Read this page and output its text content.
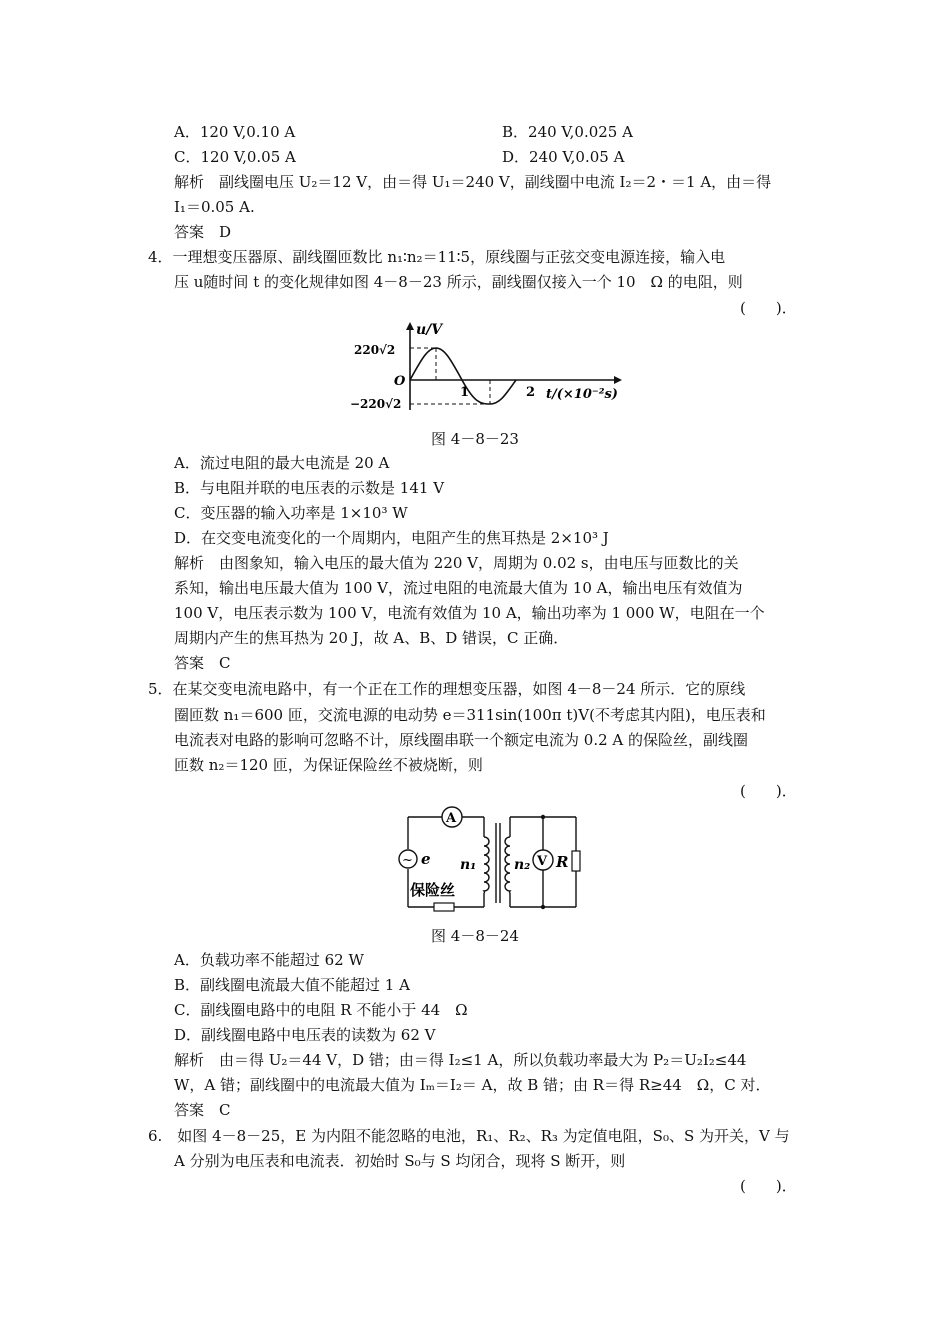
A．120 V,0.10 A	B．240 V,0.025 A
C．120 V,0.05 A	D．240 V,0.05 A
解析　副线圈电压 U₂＝12 V，由＝得 U₁＝240 V，副线圈中电流 I₂＝2・＝1 A，由＝得
I₁＝0.05 A.
答案　D
4．一理想变压器原、副线圈匝数比 n₁∶n₂＝11∶5，原线圈与正弦交变电源连接，输入电
压 u随时间 t 的变化规律如图 4－8－23 所示，副线圈仅接入一个 10　Ω 的电阻，则
(　　)．
u/V
220√2
O
−220√2
1	2 t/(×10⁻²s)
图 4－8－23
A．流过电阻的最大电流是 20 A
B．与电阻并联的电压表的示数是 141 V
C．变压器的输入功率是 1×10³ W
D．在交变电流变化的一个周期内，电阻产生的焦耳热是 2×10³ J
解析　由图象知，输入电压的最大值为 220 V，周期为 0.02 s，由电压与匝数比的关
系知，输出电压最大值为 100 V，流过电阻的电流最大值为 10 A，输出电压有效值为
100 V，电压表示数为 100 V，电流有效值为 10 A，输出功率为 1 000 W，电阻在一个
周期内产生的焦耳热为 20 J，故 A、B、D 错误，C 正确．
答案　C
5．在某交变电流电路中，有一个正在工作的理想变压器，如图 4－8－24 所示．它的原线
圈匝数 n₁＝600 匝，交流电源的电动势 e＝311sin(100π t)V(不考虑其内阻)，电压表和
电流表对电路的影响可忽略不计，原线圈串联一个额定电流为 0.2 A 的保险丝，副线圈
匝数 n₂＝120 匝，为保证保险丝不被烧断，则
(　　)．
A
~ e
保险丝
n₁	n₂ V R
图 4－8－24
A．负载功率不能超过 62 W
B．副线圈电流最大值不能超过 1 A
C．副线圈电路中的电阻 R 不能小于 44　Ω
D．副线圈电路中电压表的读数为 62 V
解析　由＝得 U₂＝44 V，D 错；由＝得 I₂≤1 A，所以负载功率最大为 P₂＝U₂I₂≤44
W，A 错；副线圈中的电流最大值为 Iₘ＝I₂＝ A，故 B 错；由 R＝得 R≥44　Ω，C 对．
答案　C
6.　如图 4－8－25，E 为内阻不能忽略的电池，R₁、R₂、R₃ 为定值电阻，S₀、S 为开关，V 与
A 分别为电压表和电流表．初始时 S₀与 S 均闭合，现将 S 断开，则
(　　)．
